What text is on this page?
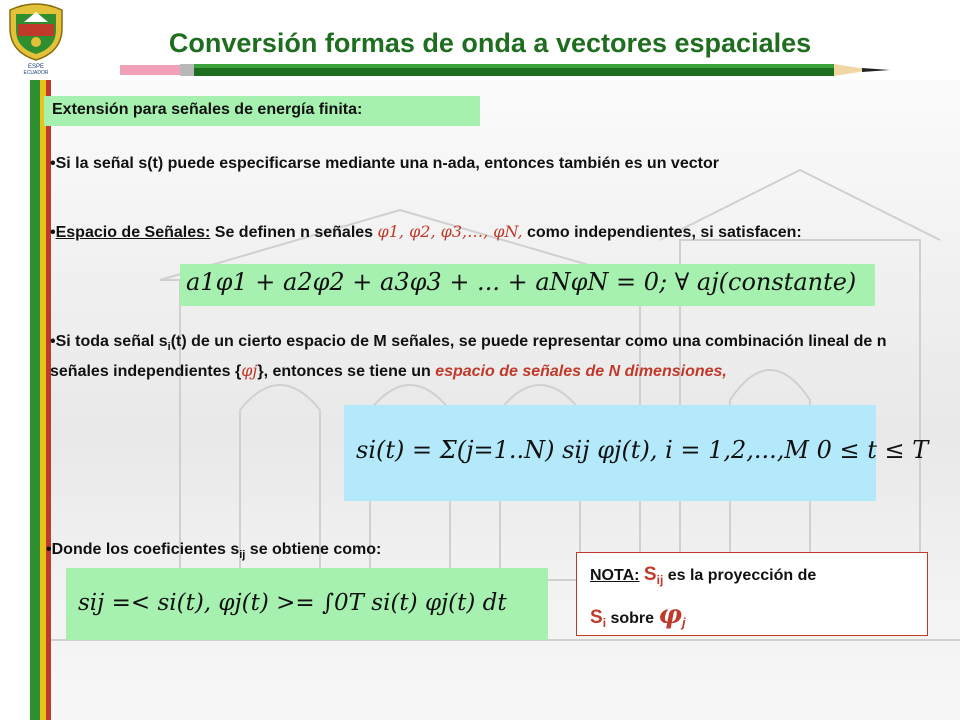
ESPE
ECUADOR
Conversión formas de onda a vectores espaciales
Extensión para señales de energía finita:
•Si la señal s(t) puede especificarse mediante una n-ada, entonces también es un vector
•Espacio de Señales: Se definen n señales φ1, φ2, φ3,…, φN, como independientes, si satisfacen:
a1φ1 + a2φ2 + a3φ3 + ... + aNφN = 0; ∀ aj(constante)
•Si toda señal $s_i(t)$ de un cierto espacio de M señales, se puede representar como una combinación lineal de n señales independientes {φj}, entonces se tiene un espacio de señales de N dimensiones,
si(t) = Σ(j=1..N) sij φj(t), i = 1,2,...,M 0 ≤ t ≤ T
•Donde los coeficientes $s_{ij}$ se obtiene como:
sij =< si(t), φj(t) >= ∫0T si(t) φj(t) dt
NOTA: $S_{ij}$ es la proyección de
$S_i$ sobre $\varphi_j$
